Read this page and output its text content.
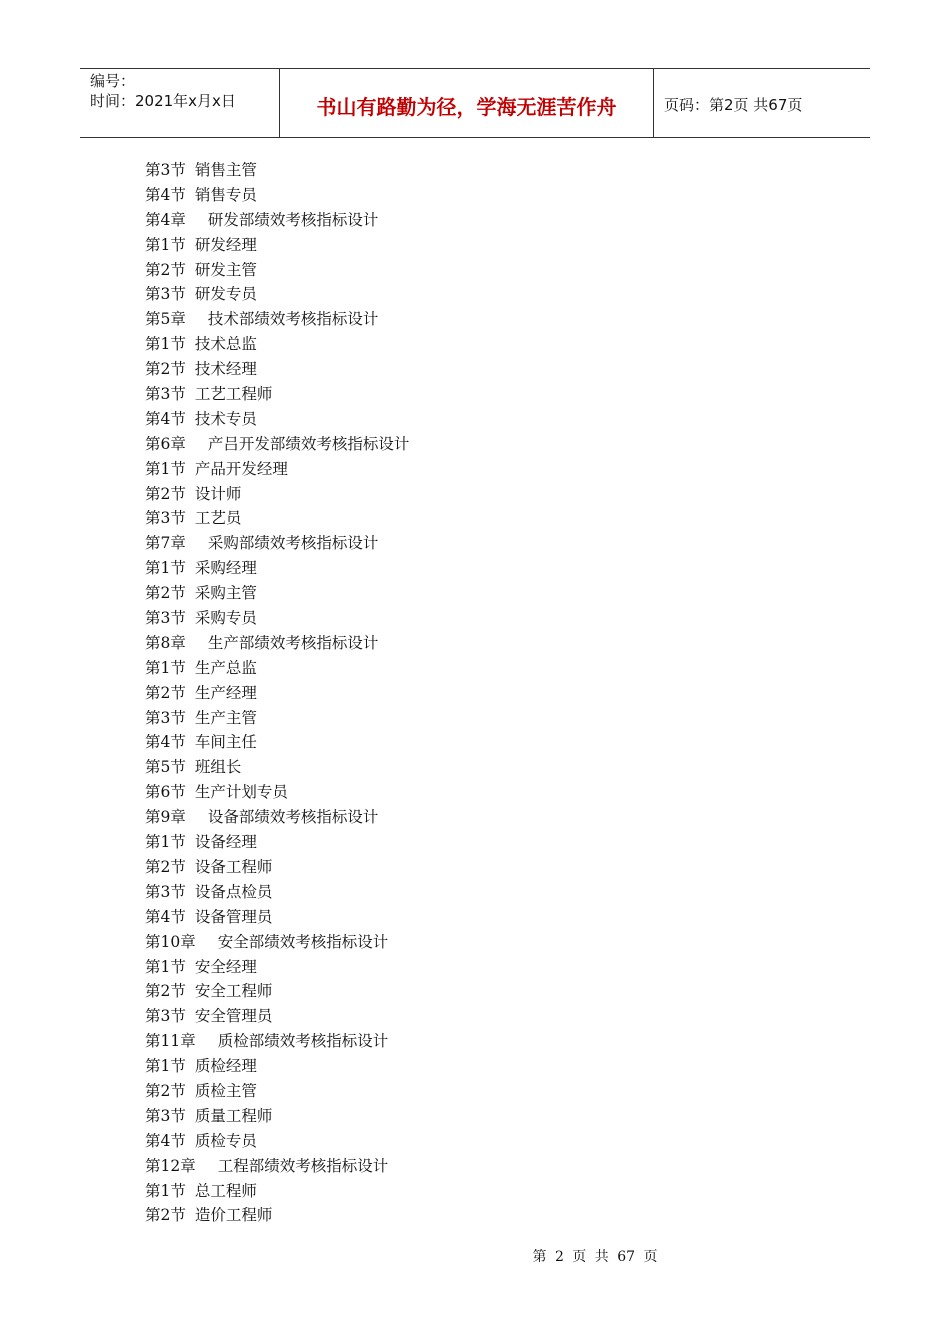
编号：
时间：2021年x月x日	书山有路勤为径，学海无涯苦作舟	页码：第2页 共67页
第3节 销售主管
第4节 销售专员
第4章 研发部绩效考核指标设计
第1节 研发经理
第2节 研发主管
第3节 研发专员
第5章 技术部绩效考核指标设计
第1节 技术总监
第2节 技术经理
第3节 工艺工程师
第4节 技术专员
第6章 产吕开发部绩效考核指标设计
第1节 产品开发经理
第2节 设计师
第3节 工艺员
第7章 采购部绩效考核指标设计
第1节 采购经理
第2节 采购主管
第3节 采购专员
第8章 生产部绩效考核指标设计
第1节 生产总监
第2节 生产经理
第3节 生产主管
第4节 车间主任
第5节 班组长
第6节 生产计划专员
第9章 设备部绩效考核指标设计
第1节 设备经理
第2节 设备工程师
第3节 设备点检员
第4节 设备管理员
第10章 安全部绩效考核指标设计
第1节 安全经理
第2节 安全工程师
第3节 安全管理员
第11章 质检部绩效考核指标设计
第1节 质检经理
第2节 质检主管
第3节 质量工程师
第4节 质检专员
第12章 工程部绩效考核指标设计
第1节 总工程师
第2节 造价工程师
第 2 页 共 67 页
